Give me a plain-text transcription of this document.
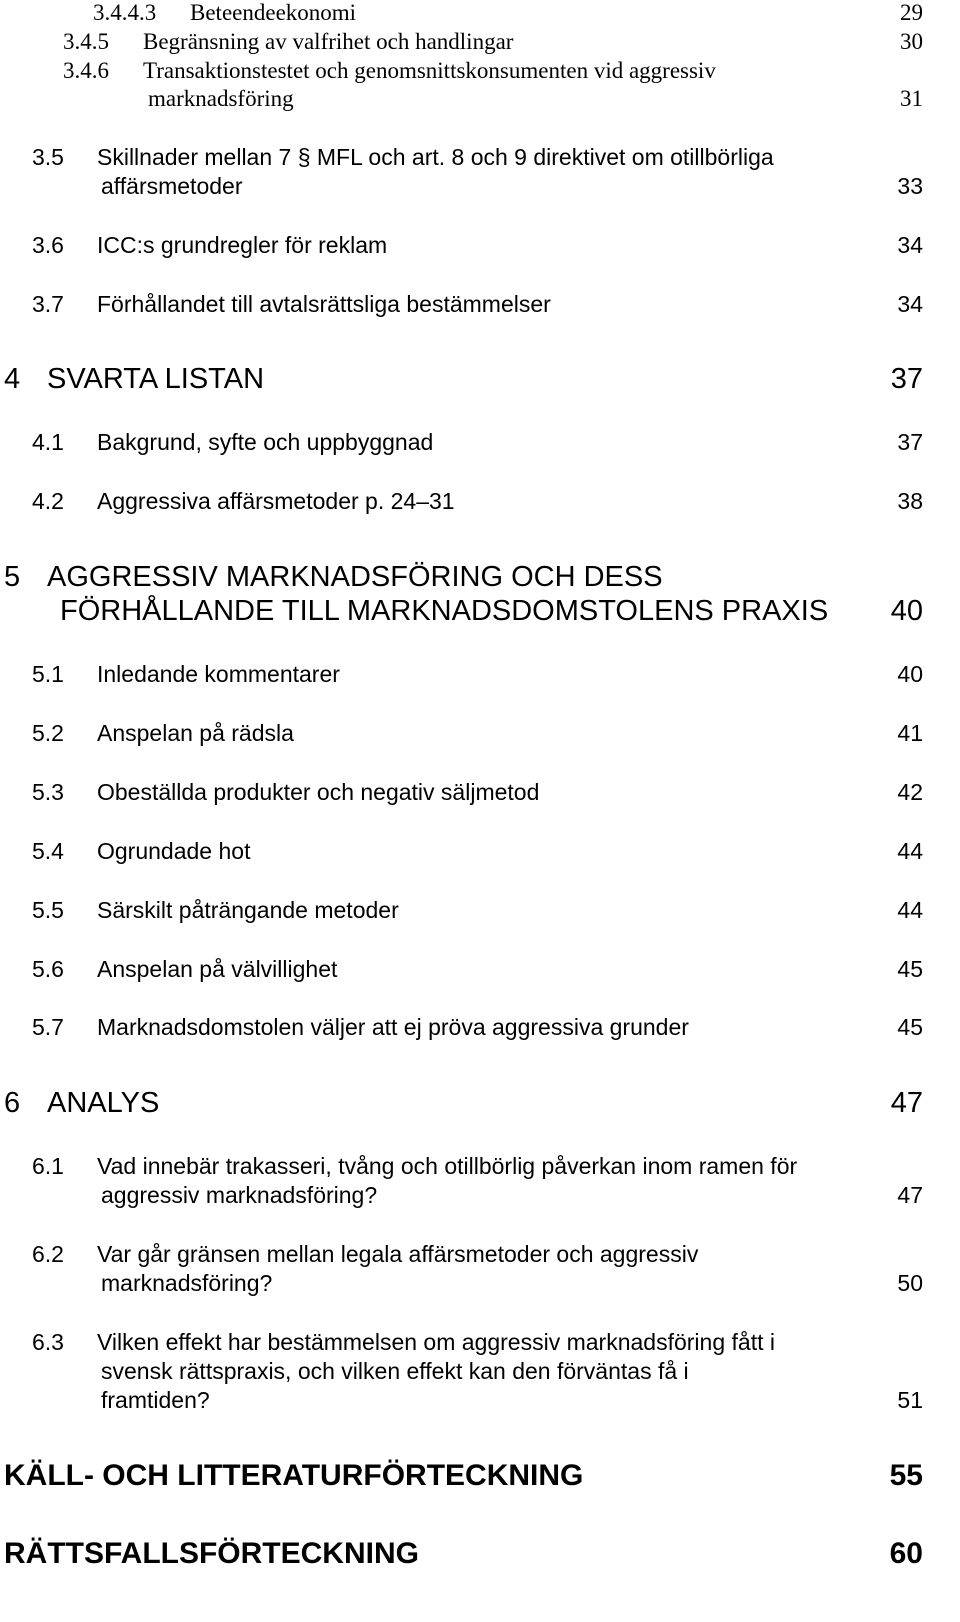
3.4.4.3 Beteendeekonomi	29
3.4.5 Begränsning av valfrihet och handlingar	30
3.4.6 Transaktionstestet och genomsnittskonsumenten vid aggressiv
marknadsföring	31
3.5 Skillnader mellan 7 § MFL och art. 8 och 9 direktivet om otillbörliga
affärsmetoder	33
3.6 ICC:s grundregler för reklam	34
3.7 Förhållandet till avtalsrättsliga bestämmelser	34
4 SVARTA LISTAN	37
4.1 Bakgrund, syfte och uppbyggnad	37
4.2 Aggressiva affärsmetoder p. 24–31	38
5 AGGRESSIV MARKNADSFÖRING OCH DESS
FÖRHÅLLANDE TILL MARKNADSDOMSTOLENS PRAXIS 40
5.1 Inledande kommentarer	40
5.2 Anspelan på rädsla	41
5.3 Obeställda produkter och negativ säljmetod	42
5.4 Ogrundade hot	44
5.5 Särskilt påträngande metoder	44
5.6 Anspelan på välvillighet	45
5.7 Marknadsdomstolen väljer att ej pröva aggressiva grunder	45
6 ANALYS	47
6.1 Vad innebär trakasseri, tvång och otillbörlig påverkan inom ramen för
aggressiv marknadsföring?	47
6.2 Var går gränsen mellan legala affärsmetoder och aggressiv
marknadsföring?	50
6.3 Vilken effekt har bestämmelsen om aggressiv marknadsföring fått i
svensk rättspraxis, och vilken effekt kan den förväntas få i
framtiden?	51
KÄLL- OCH LITTERATURFÖRTECKNING	55
RÄTTSFALLSFÖRTECKNING	60
